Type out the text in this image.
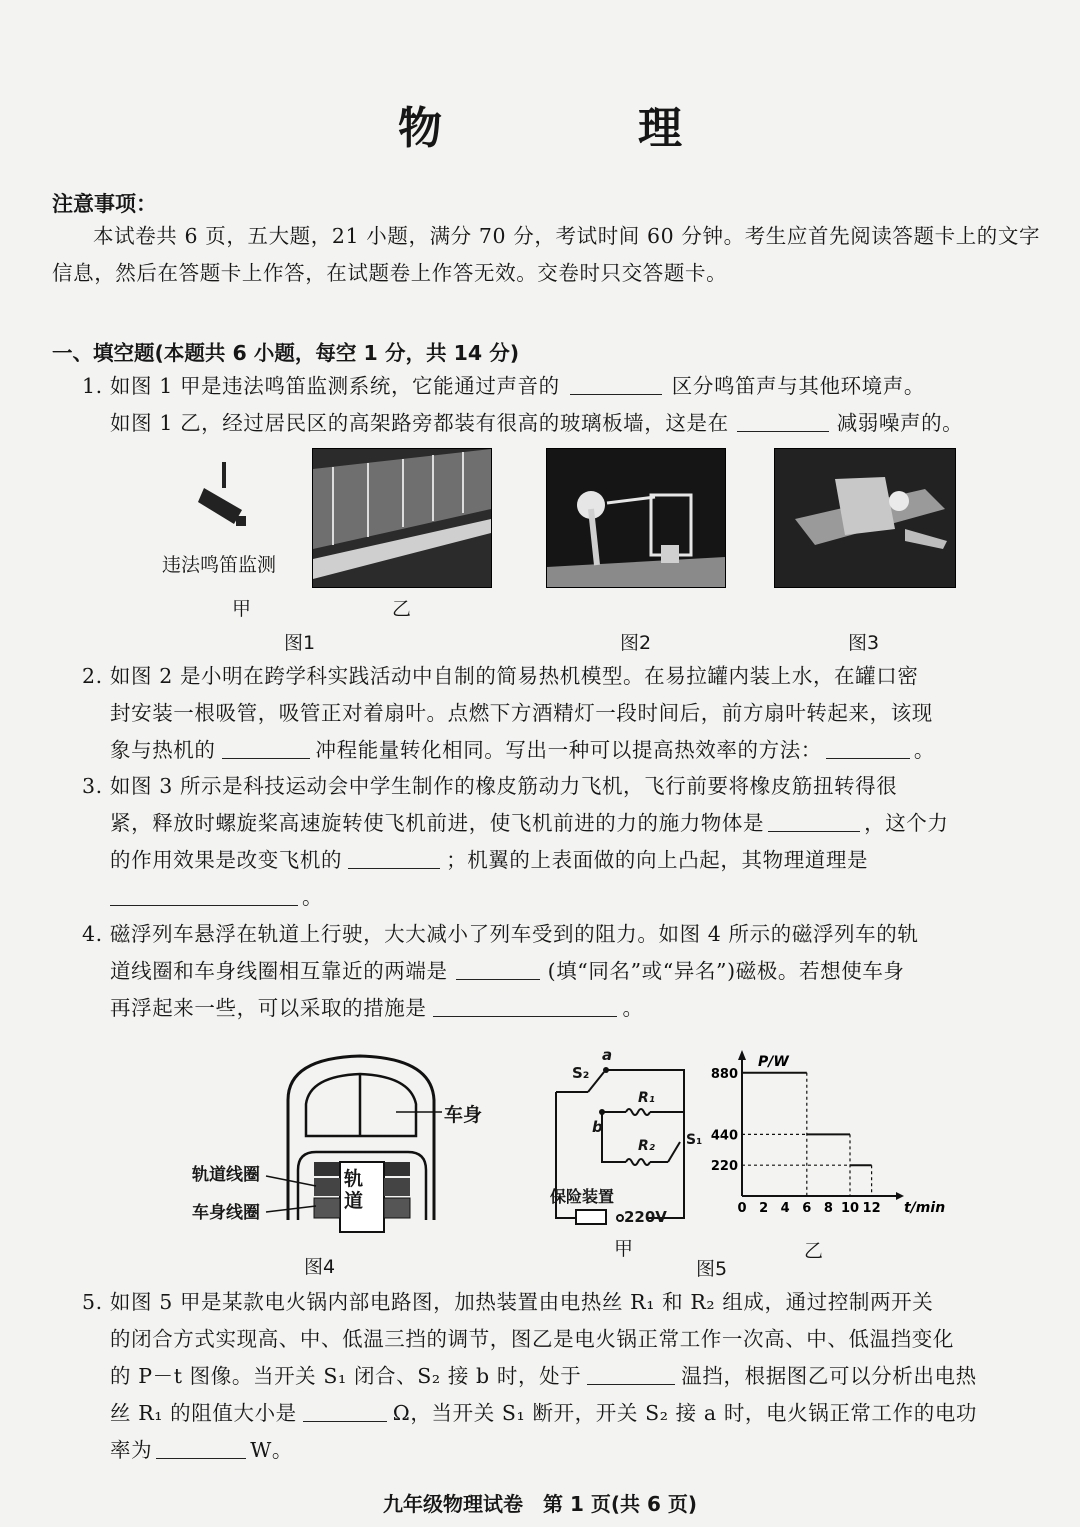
物　理
注意事项：
本试卷共 6 页，五大题，21 小题，满分 70 分，考试时间 60 分钟。考生应首先阅读答题卡上的文字信息，然后在答题卡上作答，在试题卷上作答无效。交卷时只交答题卡。
一、填空题(本题共 6 小题，每空 1 分，共 14 分)
1. 如图 1 甲是违法鸣笛监测系统，它能通过声音的	区分鸣笛声与其他环境声。
如图 1 乙，经过居民区的高架路旁都装有很高的玻璃板墙，这是在	减弱噪声的。
违法鸣笛监测
甲	乙
图1	图2	图3
2. 如图 2 是小明在跨学科实践活动中自制的简易热机模型。在易拉罐内装上水，在罐口密
封安装一根吸管，吸管正对着扇叶。点燃下方酒精灯一段时间后，前方扇叶转起来，该现
象与热机的	冲程能量转化相同。写出一种可以提高热效率的方法：	。
3. 如图 3 所示是科技运动会中学生制作的橡皮筋动力飞机，飞行前要将橡皮筋扭转得很
紧，释放时螺旋桨高速旋转使飞机前进，使飞机前进的力的施力物体是	，这个力
的作用效果是改变飞机的	；机翼的上表面做的向上凸起，其物理道理是
。
4. 磁浮列车悬浮在轨道上行驶，大大减小了列车受到的阻力。如图 4 所示的磁浮列车的轨
道线圈和车身线圈相互靠近的两端是	(填“同名”或“异名”)磁极。若想使车身
再浮起来一些，可以采取的措施是	。
车身
轨道线圈
车身线圈
轨道
图4
S₂
a
b
R₁
R₂ S₁
保险装置
220V
甲
图5
P/W
t/min
0 2 4 6 8 10 12
220
440
880
乙
5. 如图 5 甲是某款电火锅内部电路图，加热装置由电热丝 R₁ 和 R₂ 组成，通过控制两开关
的闭合方式实现高、中、低温三挡的调节，图乙是电火锅正常工作一次高、中、低温挡变化
的 P－t 图像。当开关 S₁ 闭合、S₂ 接 b 时，处于	温挡，根据图乙可以分析出电热
丝 R₁ 的阻值大小是	Ω，当开关 S₁ 断开，开关 S₂ 接 a 时，电火锅正常工作的电功
率为	W。
九年级物理试卷　第 1 页(共 6 页)
